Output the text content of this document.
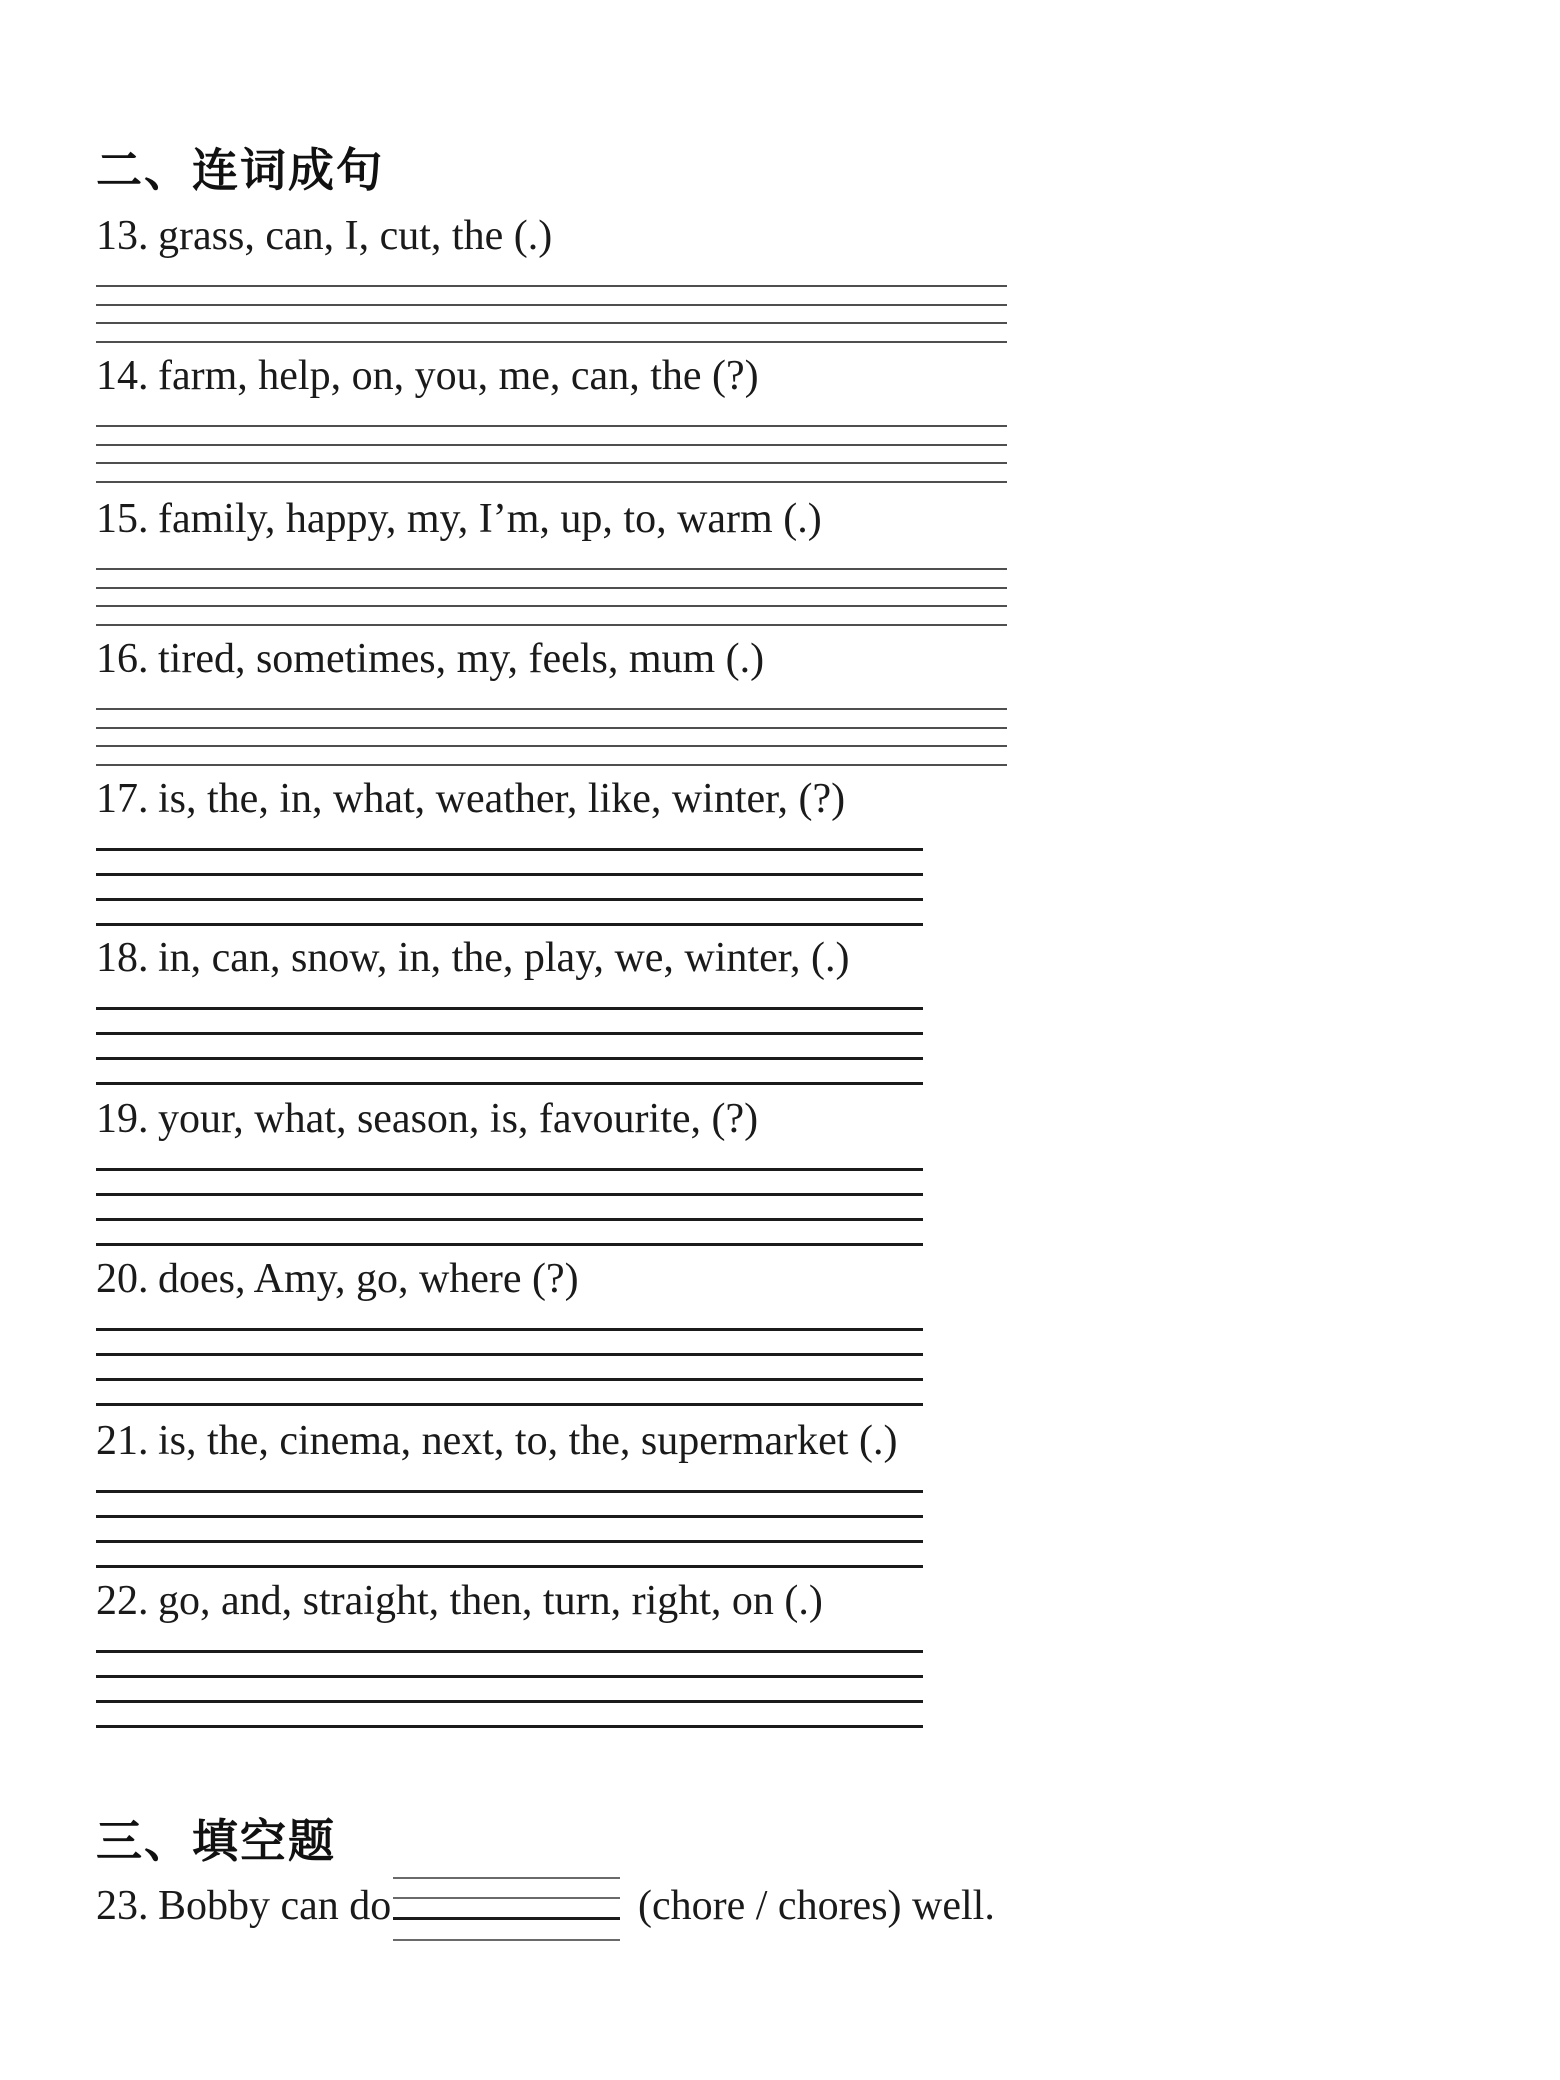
二、连词成句
13. grass, can, I, cut, the (.)
14. farm, help, on, you, me, can, the (?)
15. family, happy, my, I’m, up, to, warm (.)
16. tired, sometimes, my, feels, mum (.)
17. is, the, in, what, weather, like, winter, (?)
18. in, can, snow, in, the, play, we, winter, (.)
19. your, what, season, is, favourite, (?)
20. does, Amy, go, where (?)
21. is, the, cinema, next, to, the, supermarket (.)
22. go, and, straight, then, turn, right, on (.)
三、填空题
23. Bobby can do	(chore / chores) well.
